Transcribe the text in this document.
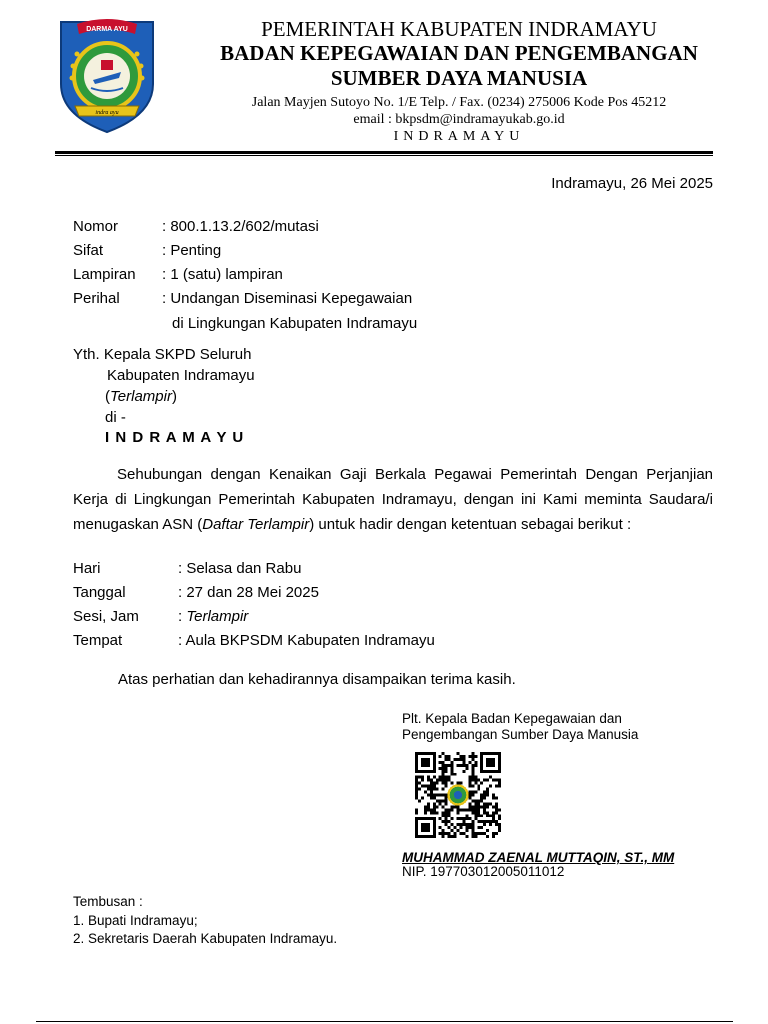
DARMA AYU
indra ayu
PEMERINTAH KABUPATEN INDRAMAYU
BADAN KEPEGAWAIAN DAN PENGEMBANGAN
SUMBER DAYA MANUSIA
Jalan Mayjen Sutoyo No. 1/E Telp. / Fax. (0234) 275006 Kode Pos 45212
email : bkpsdm@indramayukab.go.id
INDRAMAYU
Indramayu, 26 Mei 2025
Nomor	: 800.1.13.2/602/mutasi
Sifat	: Penting
Lampiran : 1 (satu) lampiran
Perihal	: Undangan Diseminasi Kepegawaian
di Lingkungan Kabupaten Indramayu
Yth. Kepala SKPD Seluruh
Kabupaten Indramayu
(Terlampir)
di -
I N D R A M A Y U
Sehubungan dengan Kenaikan Gaji Berkala Pegawai Pemerintah Dengan Perjanjian
Kerja di Lingkungan Pemerintah Kabupaten Indramayu, dengan ini Kami meminta Saudara/i
menugaskan ASN (Daftar Terlampir) untuk hadir dengan ketentuan sebagai berikut :
Hari	: Selasa dan Rabu
Tanggal	: 27 dan 28 Mei 2025
Sesi, Jam	: Terlampir
Tempat	: Aula BKPSDM Kabupaten Indramayu
Atas perhatian dan kehadirannya disampaikan terima kasih.
Plt. Kepala Badan Kepegawaian dan
Pengembangan Sumber Daya Manusia
MUHAMMAD ZAENAL MUTTAQIN, ST., MM
NIP. 197703012005011012
Tembusan :
1. Bupati Indramayu;
2. Sekretaris Daerah Kabupaten Indramayu.
